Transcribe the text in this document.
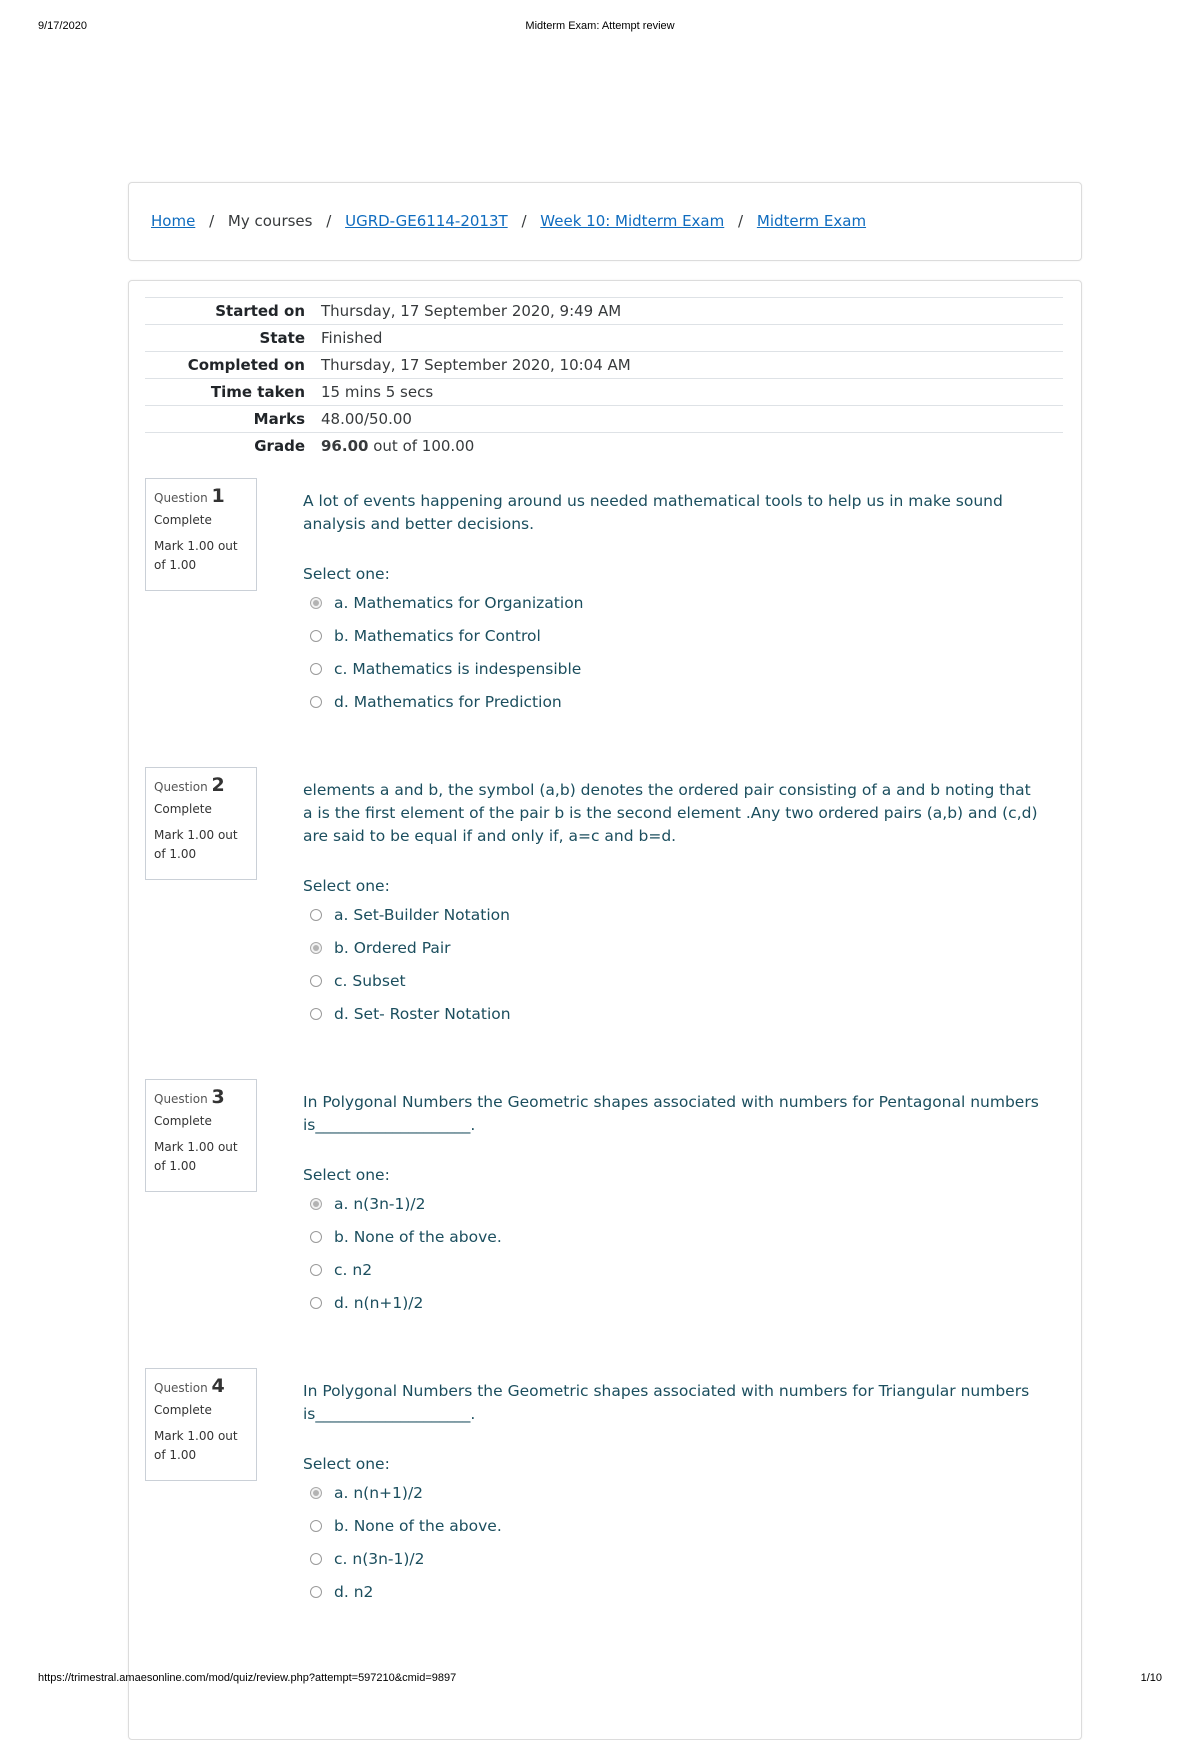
9/17/2020	Midterm Exam: Attempt review
Home / My courses / UGRD-GE6114-2013T / Week 10: Midterm Exam / Midterm Exam
Started on	Thursday, 17 September 2020, 9:49 AM
State	Finished
Completed on	Thursday, 17 September 2020, 10:04 AM
Time taken	15 mins 5 secs
Marks	48.00/50.00
Grade	96.00 out of 100.00
Question 1
Complete
Mark 1.00 out of 1.00
A lot of events happening around us needed mathematical tools to help us in make sound analysis and better decisions.
Select one:
a. Mathematics for Organization
b. Mathematics for Control
c. Mathematics is indespensible
d. Mathematics for Prediction
Question 2
Complete
Mark 1.00 out of 1.00
elements a and b, the symbol (a,b) denotes the ordered pair consisting of a and b noting that a is the first element of the pair b is the second element .Any two ordered pairs (a,b) and (c,d) are said to be equal if and only if, a=c and b=d.
Select one:
a. Set-Builder Notation
b. Ordered Pair
c. Subset
d. Set- Roster Notation
Question 3
Complete
Mark 1.00 out of 1.00
In Polygonal Numbers the Geometric shapes associated with numbers for Pentagonal numbers is____________________.
Select one:
a. n(3n-1)/2
b. None of the above.
c. n2
d. n(n+1)/2
Question 4
Complete
Mark 1.00 out of 1.00
In Polygonal Numbers the Geometric shapes associated with numbers for Triangular numbers is____________________.
Select one:
a. n(n+1)/2
b. None of the above.
c. n(3n-1)/2
d. n2
https://trimestral.amaesonline.com/mod/quiz/review.php?attempt=597210&cmid=9897	1/10
